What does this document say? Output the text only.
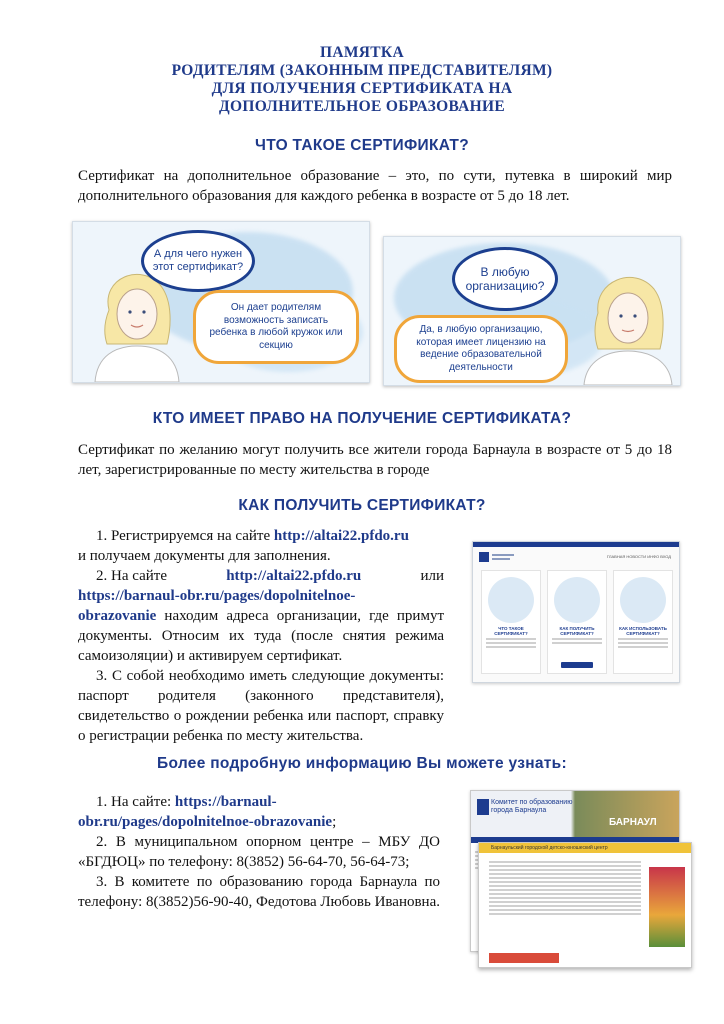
ПАМЯТКА
РОДИТЕЛЯМ (ЗАКОННЫМ ПРЕДСТАВИТЕЛЯМ)
ДЛЯ ПОЛУЧЕНИЯ СЕРТИФИКАТА НА
ДОПОЛНИТЕЛЬНОЕ ОБРАЗОВАНИЕ
ЧТО ТАКОЕ СЕРТИФИКАТ?
Сертификат на дополнительное образование – это, по сути, путевка в широкий мир дополнительного образования для каждого ребенка в возрасте от 5 до 18 лет.
А для чего нужен этот сертификат?
Он дает родителям возможность записать ребенка в любой кружок или секцию
В любую организацию?
Да, в любую организацию, которая имеет лицензию на ведение образовательной деятельности
КТО ИМЕЕТ ПРАВО НА ПОЛУЧЕНИЕ СЕРТИФИКАТА?
Сертификат по желанию могут получить все жители города Барнаула в возрасте от 5 до 18 лет, зарегистрированные по месту жительства в городе
КАК ПОЛУЧИТЬ СЕРТИФИКАТ?
1. Регистрируемся на сайте http://altai22.pfdo.ru
и получаем документы для заполнения.
2. На сайте	http://altai22.pfdo.ru	или
https://barnaul-obr.ru/pages/dopolnitelnoe-
obrazovanie находим адреса организации, где примут документы. Относим их туда (после снятия режима самоизоляции) и активируем сертификат.
3. С собой необходимо иметь следующие документы: паспорт родителя (законного представителя), свидетельство о рождении ребенка или паспорт, справку о регистрации ребенка по месту жительства.
ГЛАВНАЯ НОВОСТИ ИНФО ВХОД
ЧТО ТАКОЕ СЕРТИФИКАТ?
КАК ПОЛУЧИТЬ СЕРТИФИКАТ?
КАК ИСПОЛЬЗОВАТЬ СЕРТИФИКАТ?
Более подробную информацию Вы можете узнать:
1. На сайте: https://barnaul-
obr.ru/pages/dopolnitelnoe-obrazovanie;
2. В муниципальном опорном центре – МБУ ДО «БГДЮЦ» по телефону: 8(3852) 56-64-70, 56-64-73;
3. В комитете по образованию города Барнаула по телефону: 8(3852)56-90-40, Федотова Любовь Ивановна.
Комитет по образованию города Барнаула
БАРНАУЛ
Барнаульский городской детско-юношеский центр
